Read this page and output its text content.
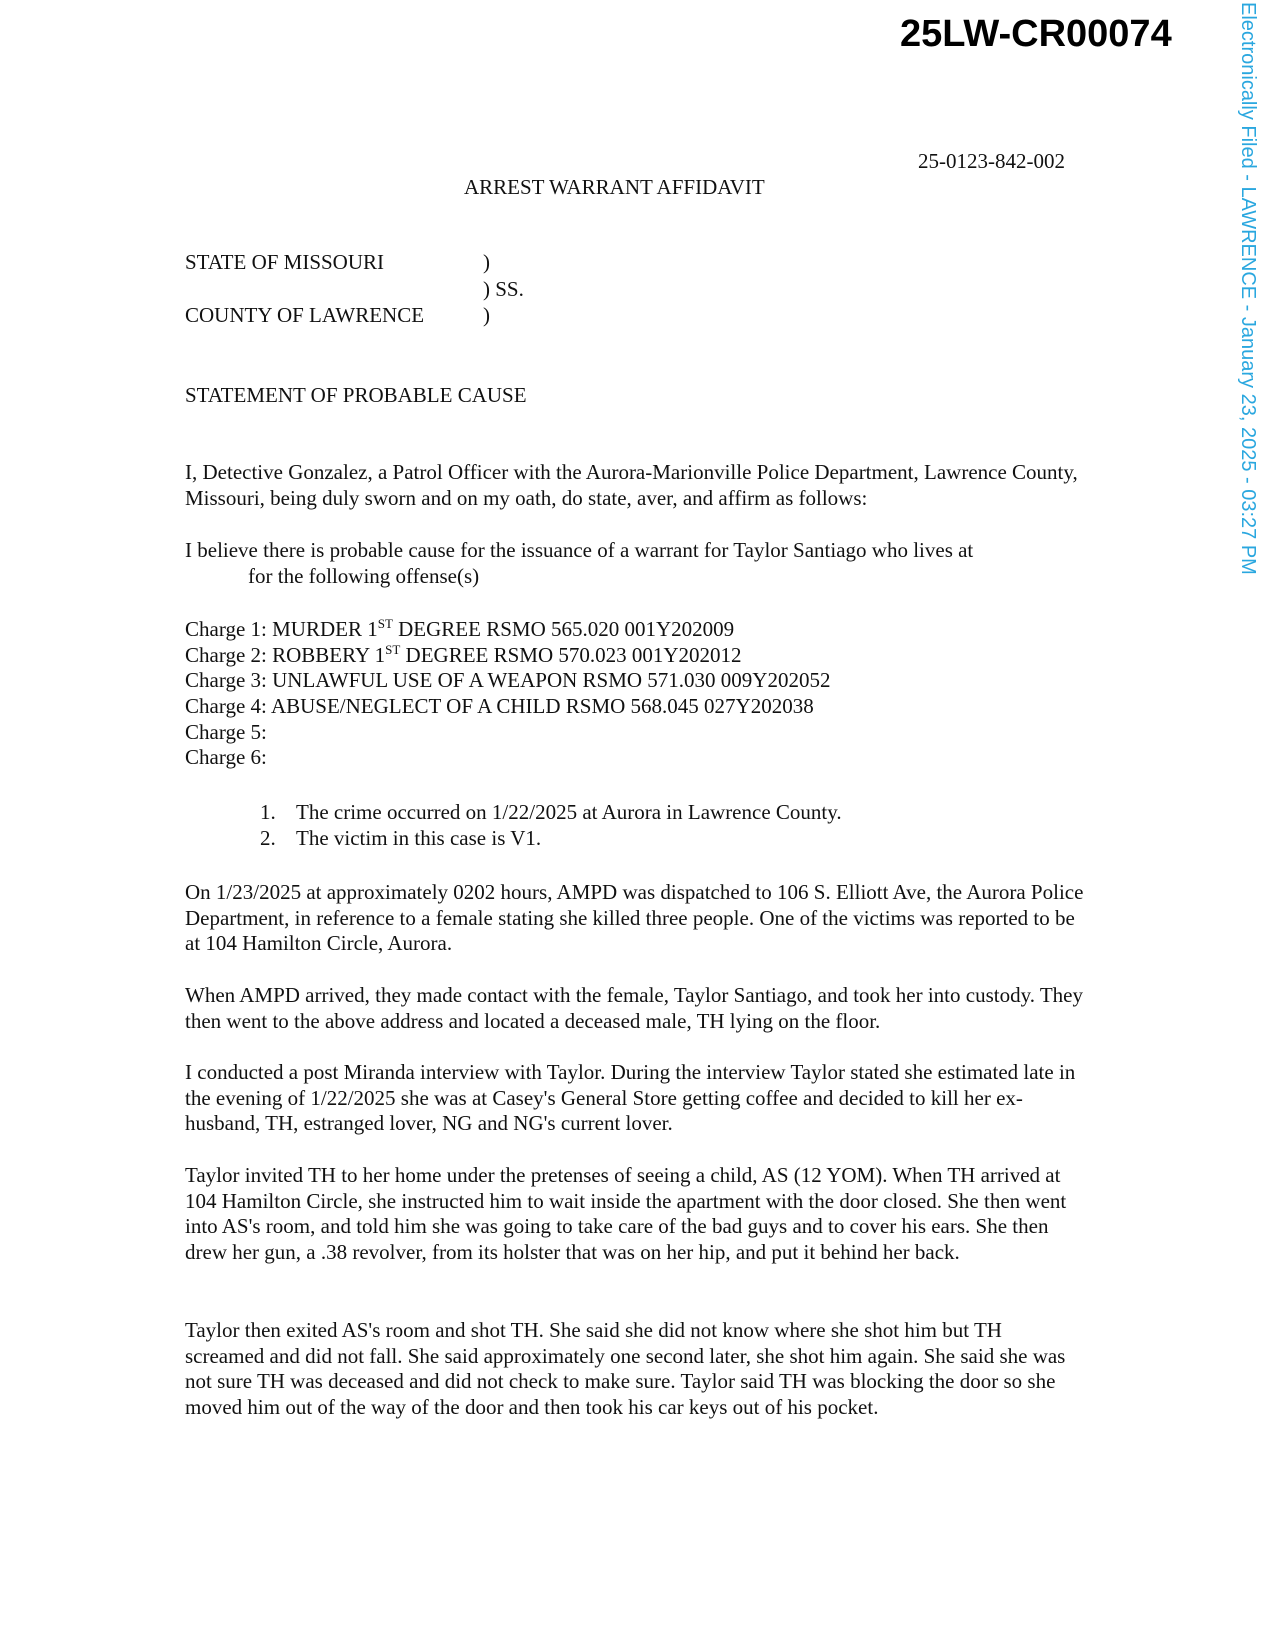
25LW-CR00074	Electronically Filed - LAWRENCE - January 23, 2025 - 03:27 PM
25-0123-842-002
ARREST WARRANT AFFIDAVIT
STATE OF MISSOURI
COUNTY OF LAWRENCE
)
) SS.
)
STATEMENT OF PROBABLE CAUSE
I, Detective Gonzalez, a Patrol Officer with the Aurora-Marionville Police Department, Lawrence County, Missouri, being duly sworn and on my oath, do state, aver, and affirm as follows:
I believe there is probable cause for the issuance of a warrant for Taylor Santiago who lives at
for the following offense(s)
Charge 1: MURDER 1ST DEGREE RSMO 565.020 001Y202009
Charge 2: ROBBERY 1ST DEGREE RSMO 570.023 001Y202012
Charge 3: UNLAWFUL USE OF A WEAPON RSMO 571.030 009Y202052
Charge 4: ABUSE/NEGLECT OF A CHILD RSMO 568.045 027Y202038
Charge 5:
Charge 6:
1. The crime occurred on 1/22/2025 at Aurora in Lawrence County.
2. The victim in this case is V1.
On 1/23/2025 at approximately 0202 hours, AMPD was dispatched to 106 S. Elliott Ave, the Aurora Police Department, in reference to a female stating she killed three people. One of the victims was reported to be at 104 Hamilton Circle, Aurora.
When AMPD arrived, they made contact with the female, Taylor Santiago, and took her into custody. They then went to the above address and located a deceased male, TH lying on the floor.
I conducted a post Miranda interview with Taylor. During the interview Taylor stated she estimated late in the evening of 1/22/2025 she was at Casey's General Store getting coffee and decided to kill her ex-husband, TH, estranged lover, NG and NG's current lover.
Taylor invited TH to her home under the pretenses of seeing a child, AS (12 YOM). When TH arrived at 104 Hamilton Circle, she instructed him to wait inside the apartment with the door closed. She then went into AS's room, and told him she was going to take care of the bad guys and to cover his ears. She then drew her gun, a .38 revolver, from its holster that was on her hip, and put it behind her back.
Taylor then exited AS's room and shot TH. She said she did not know where she shot him but TH screamed and did not fall. She said approximately one second later, she shot him again. She said she was not sure TH was deceased and did not check to make sure. Taylor said TH was blocking the door so she moved him out of the way of the door and then took his car keys out of his pocket.
